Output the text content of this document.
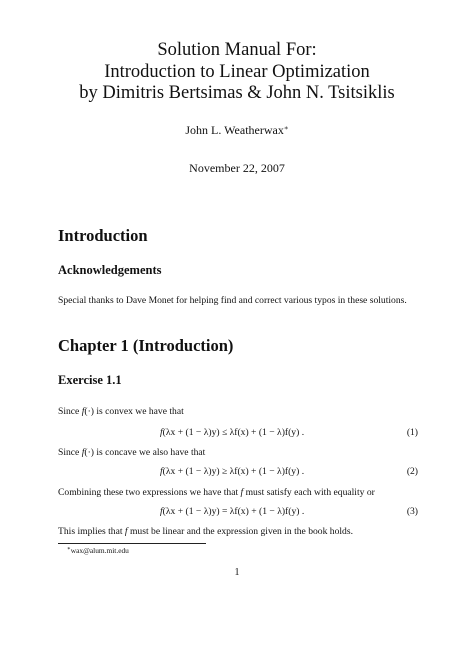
Solution Manual For:
Introduction to Linear Optimization
by Dimitris Bertsimas & John N. Tsitsiklis
John L. Weatherwax∗
November 22, 2007
Introduction
Acknowledgements
Special thanks to Dave Monet for helping find and correct various typos in these solutions.
Chapter 1 (Introduction)
Exercise 1.1
Since f(·) is convex we have that
f(λx + (1 − λ)y) ≤ λf(x) + (1 − λ)f(y) .	(1)
Since f(·) is concave we also have that
f(λx + (1 − λ)y) ≥ λf(x) + (1 − λ)f(y) .	(2)
Combining these two expressions we have that f must satisfy each with equality or
f(λx + (1 − λ)y) = λf(x) + (1 − λ)f(y) .	(3)
This implies that f must be linear and the expression given in the book holds.
∗wax@alum.mit.edu
1
